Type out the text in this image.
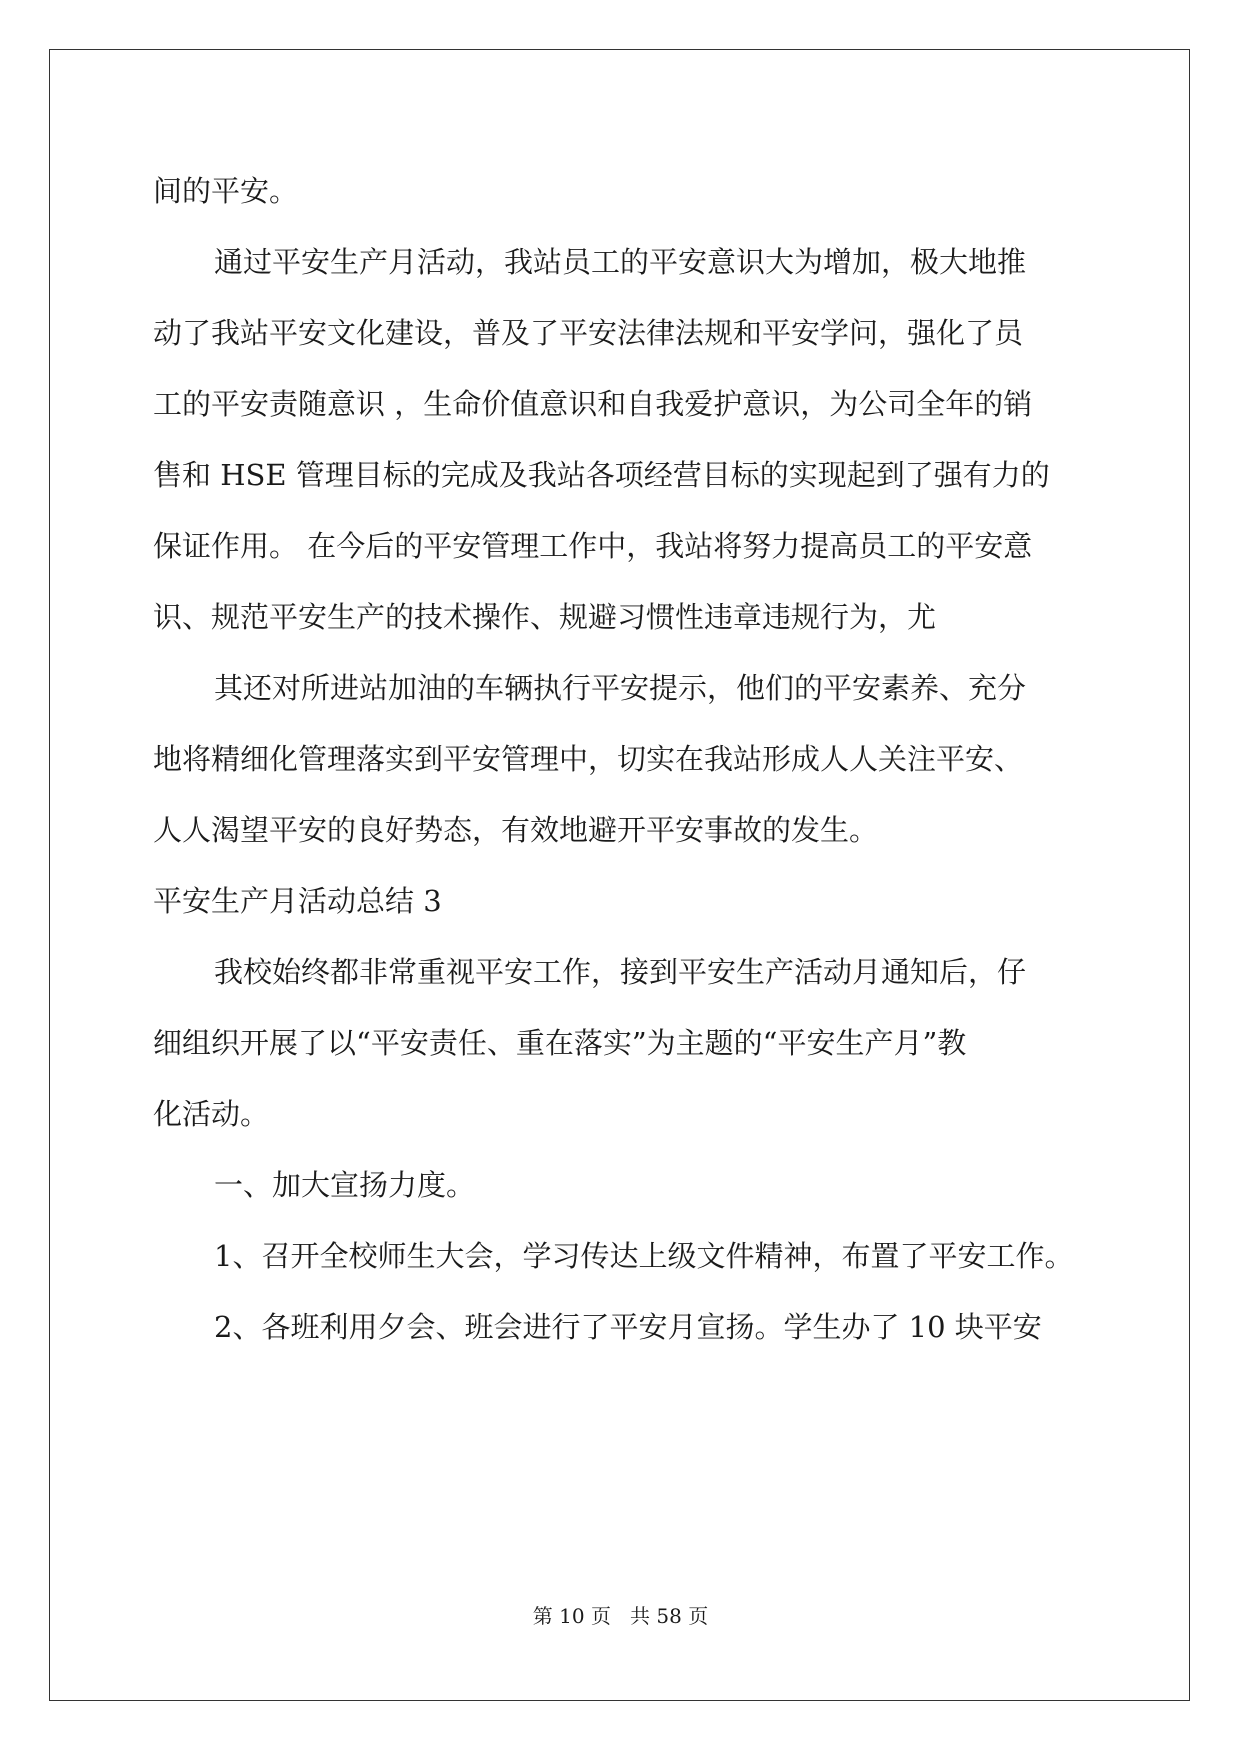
间的平安。
通过平安生产月活动，我站员工的平安意识大为增加，极大地推
动了我站平安文化建设，普及了平安法律法规和平安学问，强化了员
工的平安责随意识 ，生命价值意识和自我爱护意识，为公司全年的销
售和 HSE 管理目标的完成及我站各项经营目标的实现起到了强有力的
保证作用。 在今后的平安管理工作中，我站将努力提高员工的平安意
识、规范平安生产的技术操作、规避习惯性违章违规行为，尤
其还对所进站加油的车辆执行平安提示，他们的平安素养、充分
地将精细化管理落实到平安管理中，切实在我站形成人人关注平安、
人人渴望平安的良好势态，有效地避开平安事故的发生。
平安生产月活动总结 3
我校始终都非常重视平安工作，接到平安生产活动月通知后，仔
细组织开展了以“平安责任、重在落实”为主题的“平安生产月”教
化活动。
一、加大宣扬力度。
1、召开全校师生大会，学习传达上级文件精神，布置了平安工作。
2、各班利用夕会、班会进行了平安月宣扬。学生办了 10 块平安
第 10 页   共 58 页
